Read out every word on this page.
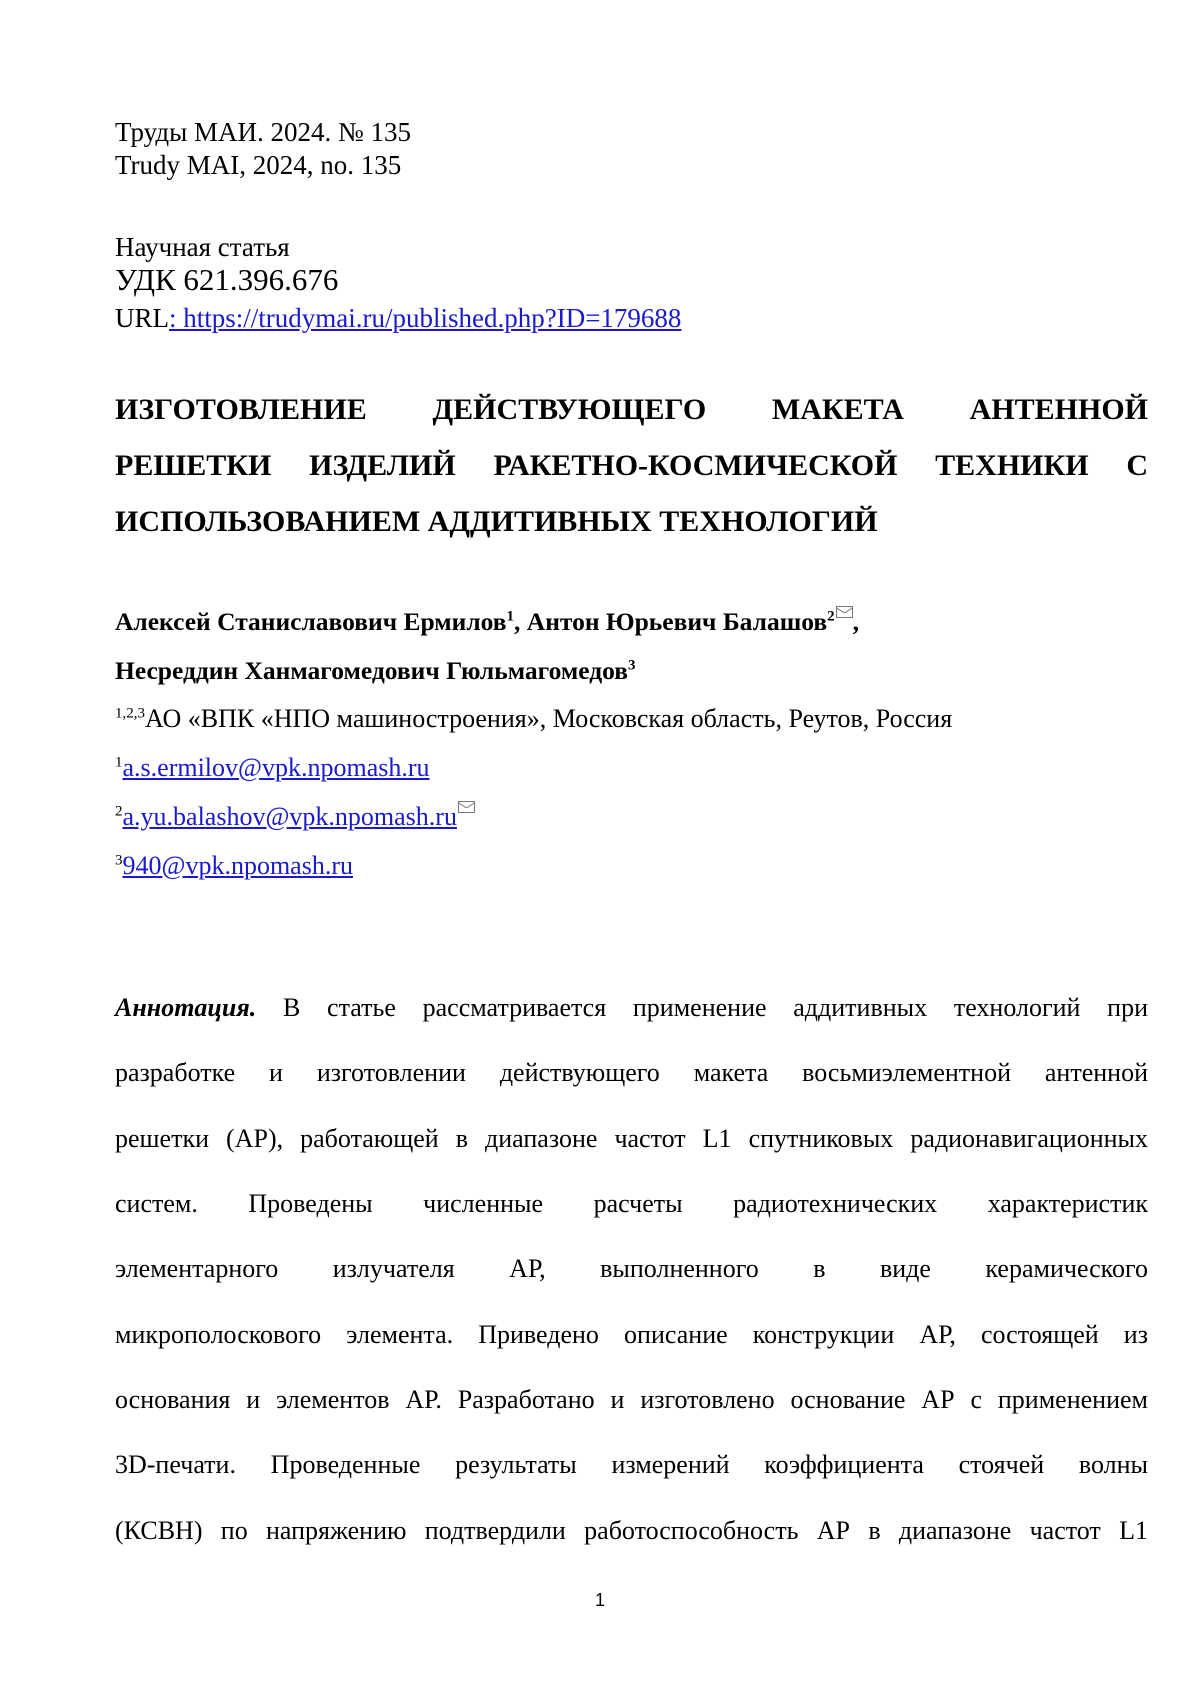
Труды МАИ. 2024. № 135
Trudy MAI, 2024, no. 135
Научная статья
УДК 621.396.676
URL: https://trudymai.ru/published.php?ID=179688
ИЗГОТОВЛЕНИЕ ДЕЙСТВУЮЩЕГО МАКЕТА АНТЕННОЙ
РЕШЕТКИ ИЗДЕЛИЙ РАКЕТНО-КОСМИЧЕСКОЙ ТЕХНИКИ С
ИСПОЛЬЗОВАНИЕМ АДДИТИВНЫХ ТЕХНОЛОГИЙ
Алексей Станиславович Ермилов$^1$, Антон Юрьевич Балашов$^2$ ,
Несреддин Ханмагомедович Гюльмагомедов$^3$
$^{1,2,3}$АО «ВПК «НПО машиностроения», Московская область, Реутов, Россия
$^1$a.s.ermilov@vpk.npomash.ru
$^2$a.yu.balashov@vpk.npomash.ru
$^3$940@vpk.npomash.ru
Аннотация. В статье рассматривается применение аддитивных технологий при
разработке и изготовлении действующего макета восьмиэлементной антенной
решетки (АР), работающей в диапазоне частот L1 спутниковых радионавигационных
систем. Проведены численные расчеты радиотехнических характеристик
элементарного излучателя АР, выполненного в виде керамического
микрополоскового элемента. Приведено описание конструкции АР, состоящей из
основания и элементов АР. Разработано и изготовлено основание АР с применением
3D-печати. Проведенные результаты измерений коэффициента стоячей волны
(КСВН) по напряжению подтвердили работоспособность АР в диапазоне частот L1
1
